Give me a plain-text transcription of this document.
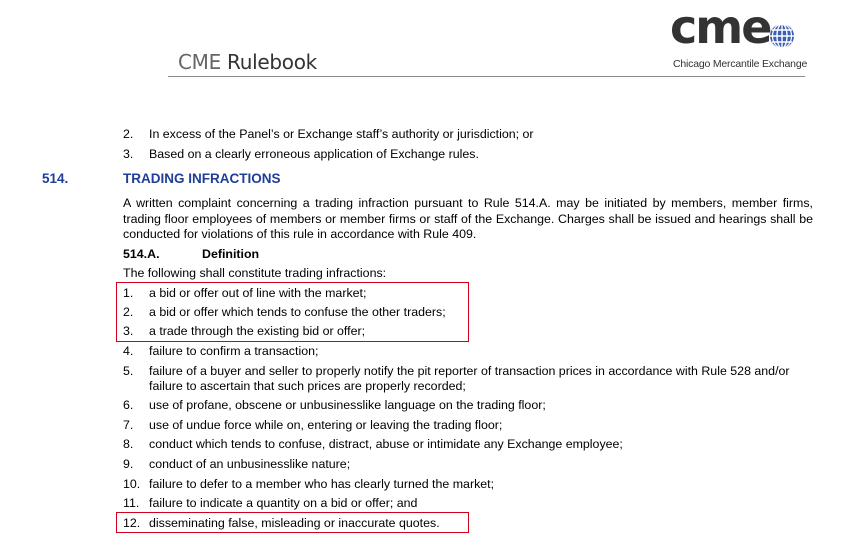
CME Rulebook
cme
Chicago Mercantile Exchange
2. In excess of the Panel’s or Exchange staff’s authority or jurisdiction; or
3. Based on a clearly erroneous application of Exchange rules.
514.	TRADING INFRACTIONS
A written complaint concerning a trading infraction pursuant to Rule 514.A. may be initiated by members, member firms, trading floor employees of members or member firms or staff of the Exchange. Charges shall be issued and hearings shall be conducted for violations of this rule in accordance with Rule 409.
514.A.	Definition
The following shall constitute trading infractions:
1. a bid or offer out of line with the market;
2. a bid or offer which tends to confuse the other traders;
3. a trade through the existing bid or offer;
4. failure to confirm a transaction;
5. failure of a buyer and seller to properly notify the pit reporter of transaction prices in accordance with Rule 528 and/or failure to ascertain that such prices are properly recorded;
6. use of profane, obscene or unbusinesslike language on the trading floor;
7. use of undue force while on, entering or leaving the trading floor;
8. conduct which tends to confuse, distract, abuse or intimidate any Exchange employee;
9. conduct of an unbusinesslike nature;
10. failure to defer to a member who has clearly turned the market;
11. failure to indicate a quantity on a bid or offer; and
12. disseminating false, misleading or inaccurate quotes.
